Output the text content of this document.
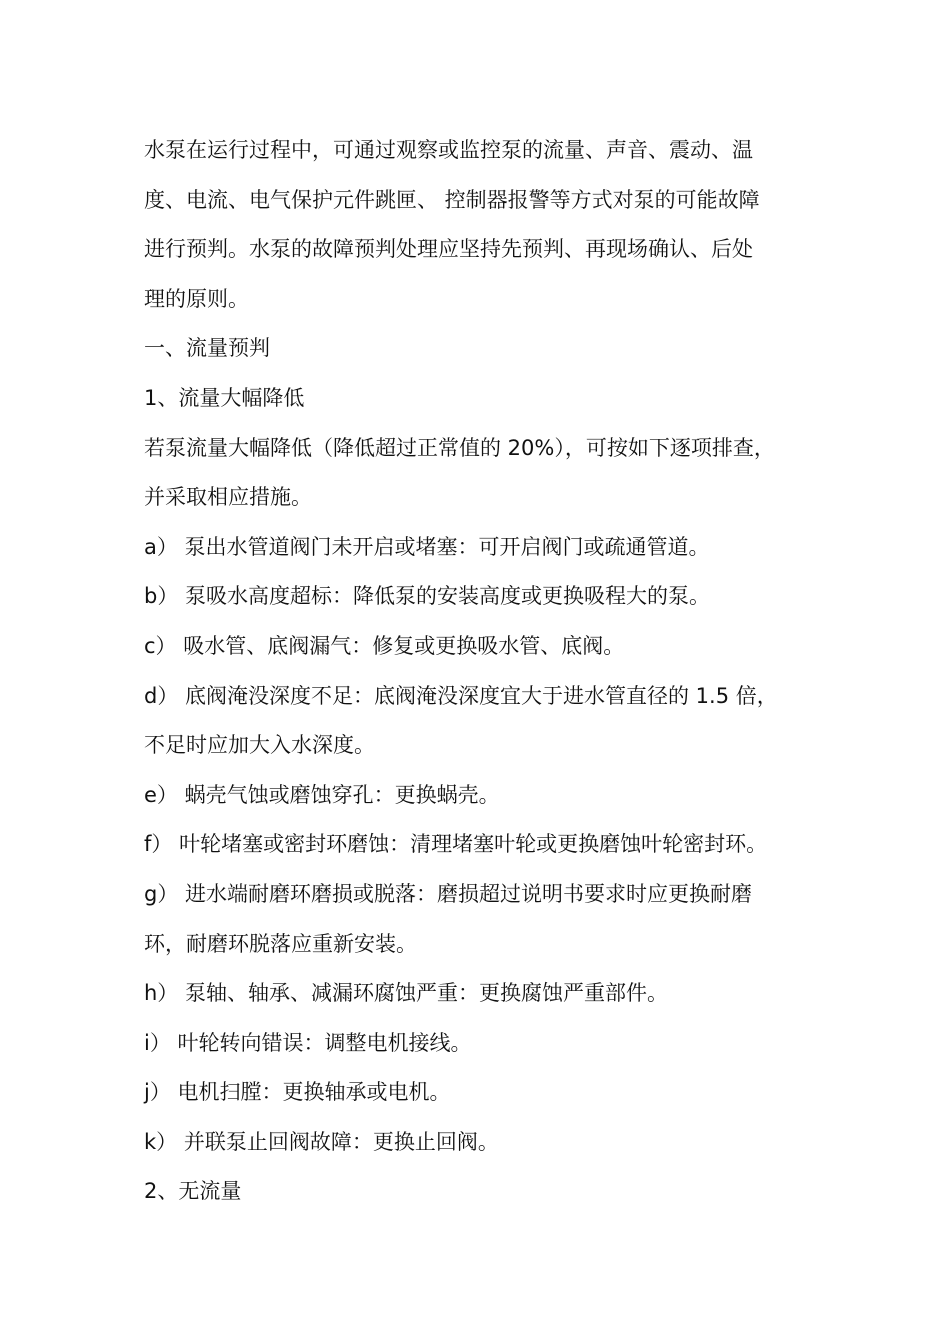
水泵在运行过程中，可通过观察或监控泵的流量、声音、震动、温
度、电流、电气保护元件跳匣、 控制器报警等方式对泵的可能故障
进行预判。水泵的故障预判处理应坚持先预判、再现场确认、后处
理的原则。
一、流量预判
1、流量大幅降低
若泵流量大幅降低（降低超过正常值的 20%），可按如下逐项排查，
并采取相应措施。
a） 泵出水管道阀门未开启或堵塞：可开启阀门或疏通管道。
b） 泵吸水高度超标：降低泵的安装高度或更换吸程大的泵。
c） 吸水管、底阀漏气：修复或更换吸水管、底阀。
d） 底阀淹没深度不足：底阀淹没深度宜大于进水管直径的 1.5 倍，
不足时应加大入水深度。
e） 蜗壳气蚀或磨蚀穿孔：更换蜗壳。
f） 叶轮堵塞或密封环磨蚀：清理堵塞叶轮或更换磨蚀叶轮密封环。
g） 进水端耐磨环磨损或脱落：磨损超过说明书要求时应更换耐磨
环，耐磨环脱落应重新安装。
h） 泵轴、轴承、减漏环腐蚀严重：更换腐蚀严重部件。
i） 叶轮转向错误：调整电机接线。
j） 电机扫膛：更换轴承或电机。
k） 并联泵止回阀故障：更换止回阀。
2、无流量
